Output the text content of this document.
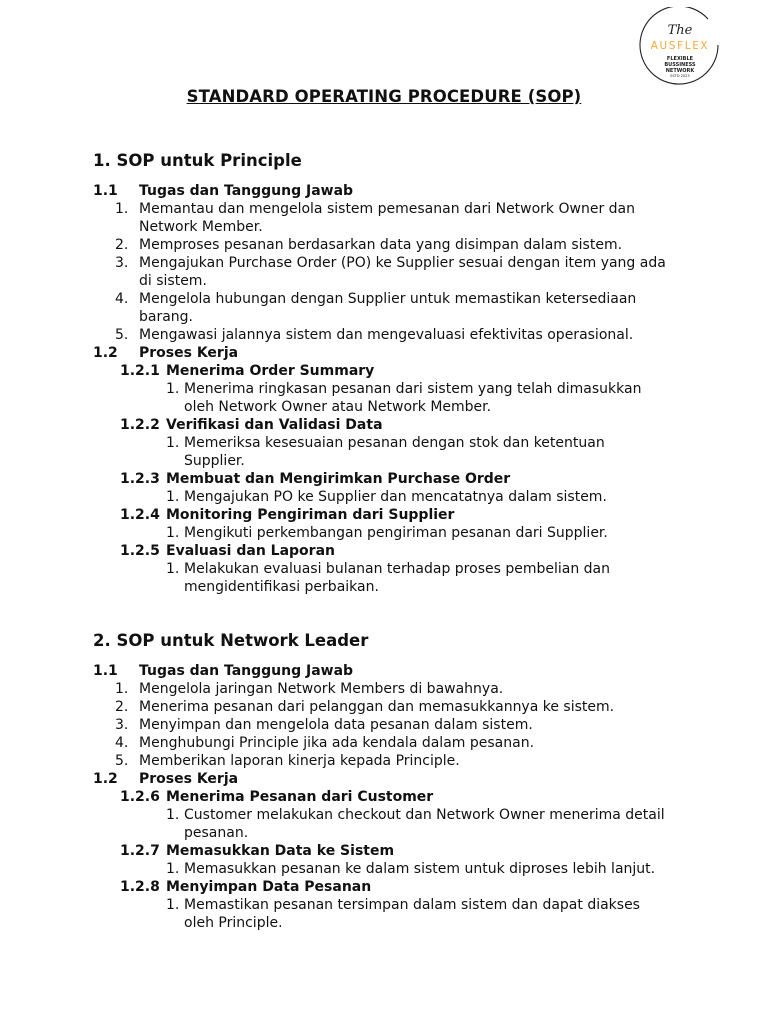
The
AUSFLEX
FLEXIBLE
BUSSINESS
NETWORK
ESTD 2023
STANDARD OPERATING PROCEDURE (SOP)
1. SOP untuk Principle
1.1 Tugas dan Tanggung Jawab
1. Memantau dan mengelola sistem pemesanan dari Network Owner dan
Network Member.
2. Memproses pesanan berdasarkan data yang disimpan dalam sistem.
3. Mengajukan Purchase Order (PO) ke Supplier sesuai dengan item yang ada
di sistem.
4. Mengelola hubungan dengan Supplier untuk memastikan ketersediaan
barang.
5. Mengawasi jalannya sistem dan mengevaluasi efektivitas operasional.
1.2 Proses Kerja
1.2.1 Menerima Order Summary
1. Menerima ringkasan pesanan dari sistem yang telah dimasukkan
oleh Network Owner atau Network Member.
1.2.2 Verifikasi dan Validasi Data
1. Memeriksa kesesuaian pesanan dengan stok dan ketentuan
Supplier.
1.2.3 Membuat dan Mengirimkan Purchase Order
1. Mengajukan PO ke Supplier dan mencatatnya dalam sistem.
1.2.4 Monitoring Pengiriman dari Supplier
1. Mengikuti perkembangan pengiriman pesanan dari Supplier.
1.2.5 Evaluasi dan Laporan
1. Melakukan evaluasi bulanan terhadap proses pembelian dan
mengidentifikasi perbaikan.
2. SOP untuk Network Leader
1.1 Tugas dan Tanggung Jawab
1. Mengelola jaringan Network Members di bawahnya.
2. Menerima pesanan dari pelanggan dan memasukkannya ke sistem.
3. Menyimpan dan mengelola data pesanan dalam sistem.
4. Menghubungi Principle jika ada kendala dalam pesanan.
5. Memberikan laporan kinerja kepada Principle.
1.2 Proses Kerja
1.2.6 Menerima Pesanan dari Customer
1. Customer melakukan checkout dan Network Owner menerima detail
pesanan.
1.2.7 Memasukkan Data ke Sistem
1. Memasukkan pesanan ke dalam sistem untuk diproses lebih lanjut.
1.2.8 Menyimpan Data Pesanan
1. Memastikan pesanan tersimpan dalam sistem dan dapat diakses
oleh Principle.
